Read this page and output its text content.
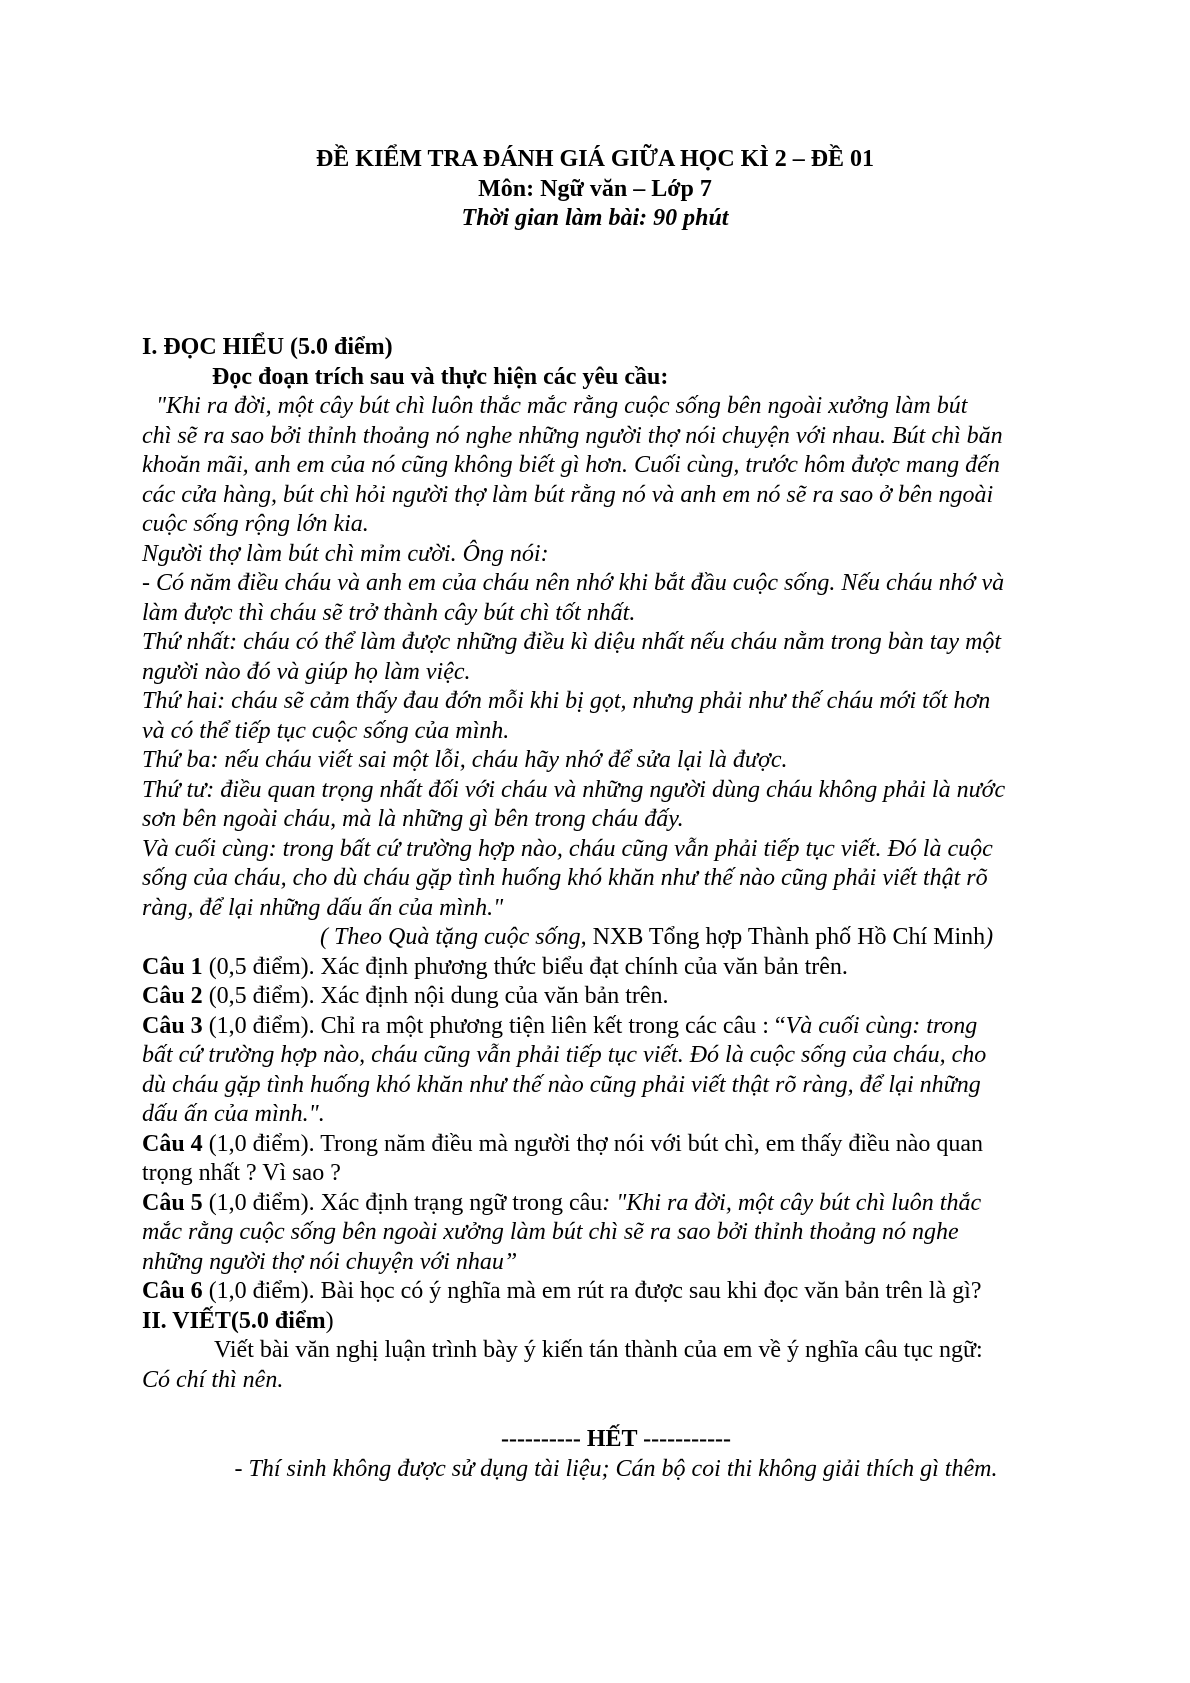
ĐỀ KIỂM TRA ĐÁNH GIÁ GIỮA HỌC KÌ 2 – ĐỀ 01
Môn: Ngữ văn – Lớp 7
Thời gian làm bài: 90 phút

I. ĐỌC HIỂU (5.0 điểm)

Đọc đoạn trích sau và thực hiện các yêu cầu:

"Khi ra đời, một cây bút chì luôn thắc mắc rằng cuộc sống bên ngoài xưởng làm bút

chì sẽ ra sao bởi thỉnh thoảng nó nghe những người thợ nói chuyện với nhau. Bút chì băn

khoăn mãi, anh em của nó cũng không biết gì hơn. Cuối cùng, trước hôm được mang đến

các cửa hàng, bút chì hỏi người thợ làm bút rằng nó và anh em nó sẽ ra sao ở bên ngoài

cuộc sống rộng lớn kia.

Người thợ làm bút chì mỉm cười. Ông nói:

- Có năm điều cháu và anh em của cháu nên nhớ khi bắt đầu cuộc sống. Nếu cháu nhớ và

làm được thì cháu sẽ trở thành cây bút chì tốt nhất.

Thứ nhất: cháu có thể làm được những điều kì diệu nhất nếu cháu nằm trong bàn tay một

người nào đó và giúp họ làm việc.

Thứ hai: cháu sẽ cảm thấy đau đớn mỗi khi bị gọt, nhưng phải như thế cháu mới tốt hơn

và có thể tiếp tục cuộc sống của mình.

Thứ ba: nếu cháu viết sai một lỗi, cháu hãy nhớ để sửa lại là được.

Thứ tư: điều quan trọng nhất đối với cháu và những người dùng cháu không phải là nước

sơn bên ngoài cháu, mà là những gì bên trong cháu đấy.

Và cuối cùng: trong bất cứ trường hợp nào, cháu cũng vẫn phải tiếp tục viết. Đó là cuộc

sống của cháu, cho dù cháu gặp tình huống khó khăn như thế nào cũng phải viết thật rõ

ràng, để lại những dấu ấn của mình."

( Theo Quà tặng cuộc sống, NXB Tổng hợp Thành phố Hồ Chí Minh)

Câu 1 (0,5 điểm). Xác định phương thức biểu đạt chính của văn bản trên.

Câu 2 (0,5 điểm). Xác định nội dung của văn bản trên.

Câu 3 (1,0 điểm). Chỉ ra một phương tiện liên kết trong các câu : “Và cuối cùng: trong

bất cứ trường hợp nào, cháu cũng vẫn phải tiếp tục viết. Đó là cuộc sống của cháu, cho

dù cháu gặp tình huống khó khăn như thế nào cũng phải viết thật rõ ràng, để lại những

dấu ấn của mình.".

Câu 4 (1,0 điểm). Trong năm điều mà người thợ nói với bút chì, em thấy điều nào quan

trọng nhất ? Vì sao ?

Câu 5 (1,0 điểm). Xác định trạng ngữ trong câu: "Khi ra đời, một cây bút chì luôn thắc

mắc rằng cuộc sống bên ngoài xưởng làm bút chì sẽ ra sao bởi thỉnh thoảng nó nghe

những người thợ nói chuyện với nhau”

Câu 6 (1,0 điểm). Bài học có ý nghĩa mà em rút ra được sau khi đọc văn bản trên là gì?

II. VIẾT(5.0 điểm)

Viết bài văn nghị luận trình bày ý kiến tán thành của em về ý nghĩa câu tục ngữ:

Có chí thì nên.

---------- HẾT -----------

- Thí sinh không được sử dụng tài liệu; Cán bộ coi thi không giải thích gì thêm.
